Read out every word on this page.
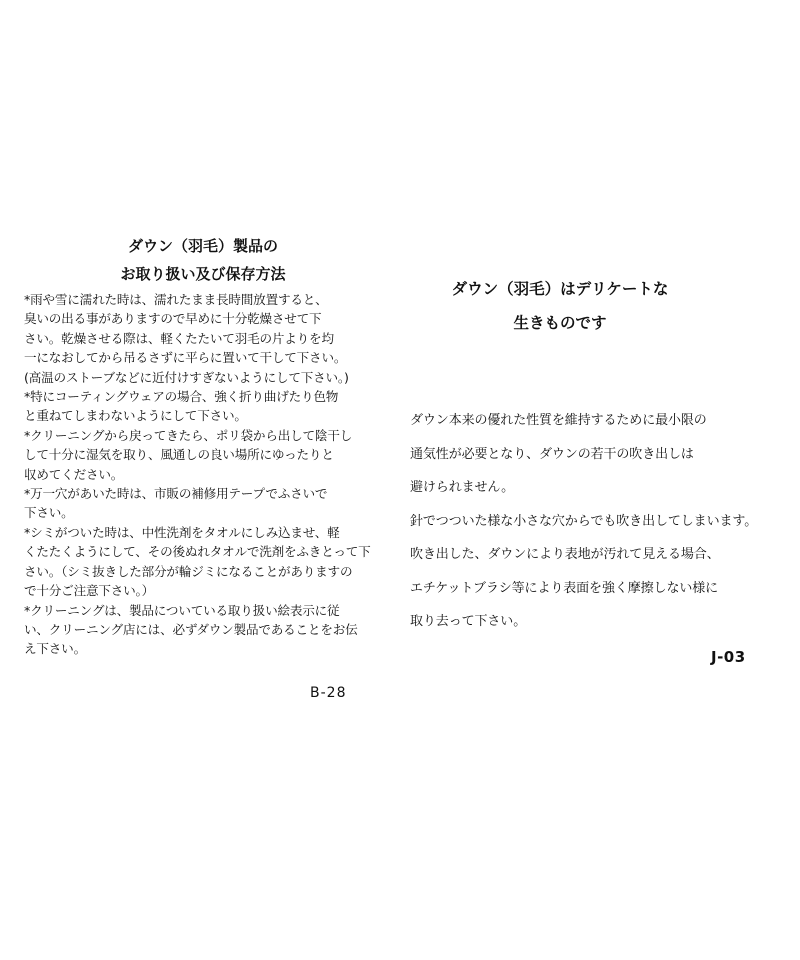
ダウン（羽毛）製品の
お取り扱い及び保存方法
*雨や雪に濡れた時は、濡れたまま長時間放置すると、
臭いの出る事がありますので早めに十分乾燥させて下
さい。乾燥させる際は、軽くたたいて羽毛の片よりを均
一になおしてから吊るさずに平らに置いて干して下さい。
(高温のストーブなどに近付けすぎないようにして下さい。)
*特にコーティングウェアの場合、強く折り曲げたり色物
と重ねてしまわないようにして下さい。
*クリーニングから戻ってきたら、ポリ袋から出して陰干し
して十分に湿気を取り、風通しの良い場所にゆったりと
収めてください。
*万一穴があいた時は、市販の補修用テープでふさいで
下さい。
*シミがついた時は、中性洗剤をタオルにしみ込ませ、軽
くたたくようにして、その後ぬれタオルで洗剤をふきとって下
さい。（シミ抜きした部分が輪ジミになることがありますの
で十分ご注意下さい。）
*クリーニングは、製品についている取り扱い絵表示に従
い、クリーニング店には、必ずダウン製品であることをお伝
え下さい。
B-28
ダウン（羽毛）はデリケートな
生きものです
ダウン本来の優れた性質を維持するために最小限の
通気性が必要となり、ダウンの若干の吹き出しは
避けられません。
針でつついた様な小さな穴からでも吹き出してしまいます。
吹き出した、ダウンにより表地が汚れて見える場合、
エチケットブラシ等により表面を強く摩擦しない様に
取り去って下さい。
J-03
